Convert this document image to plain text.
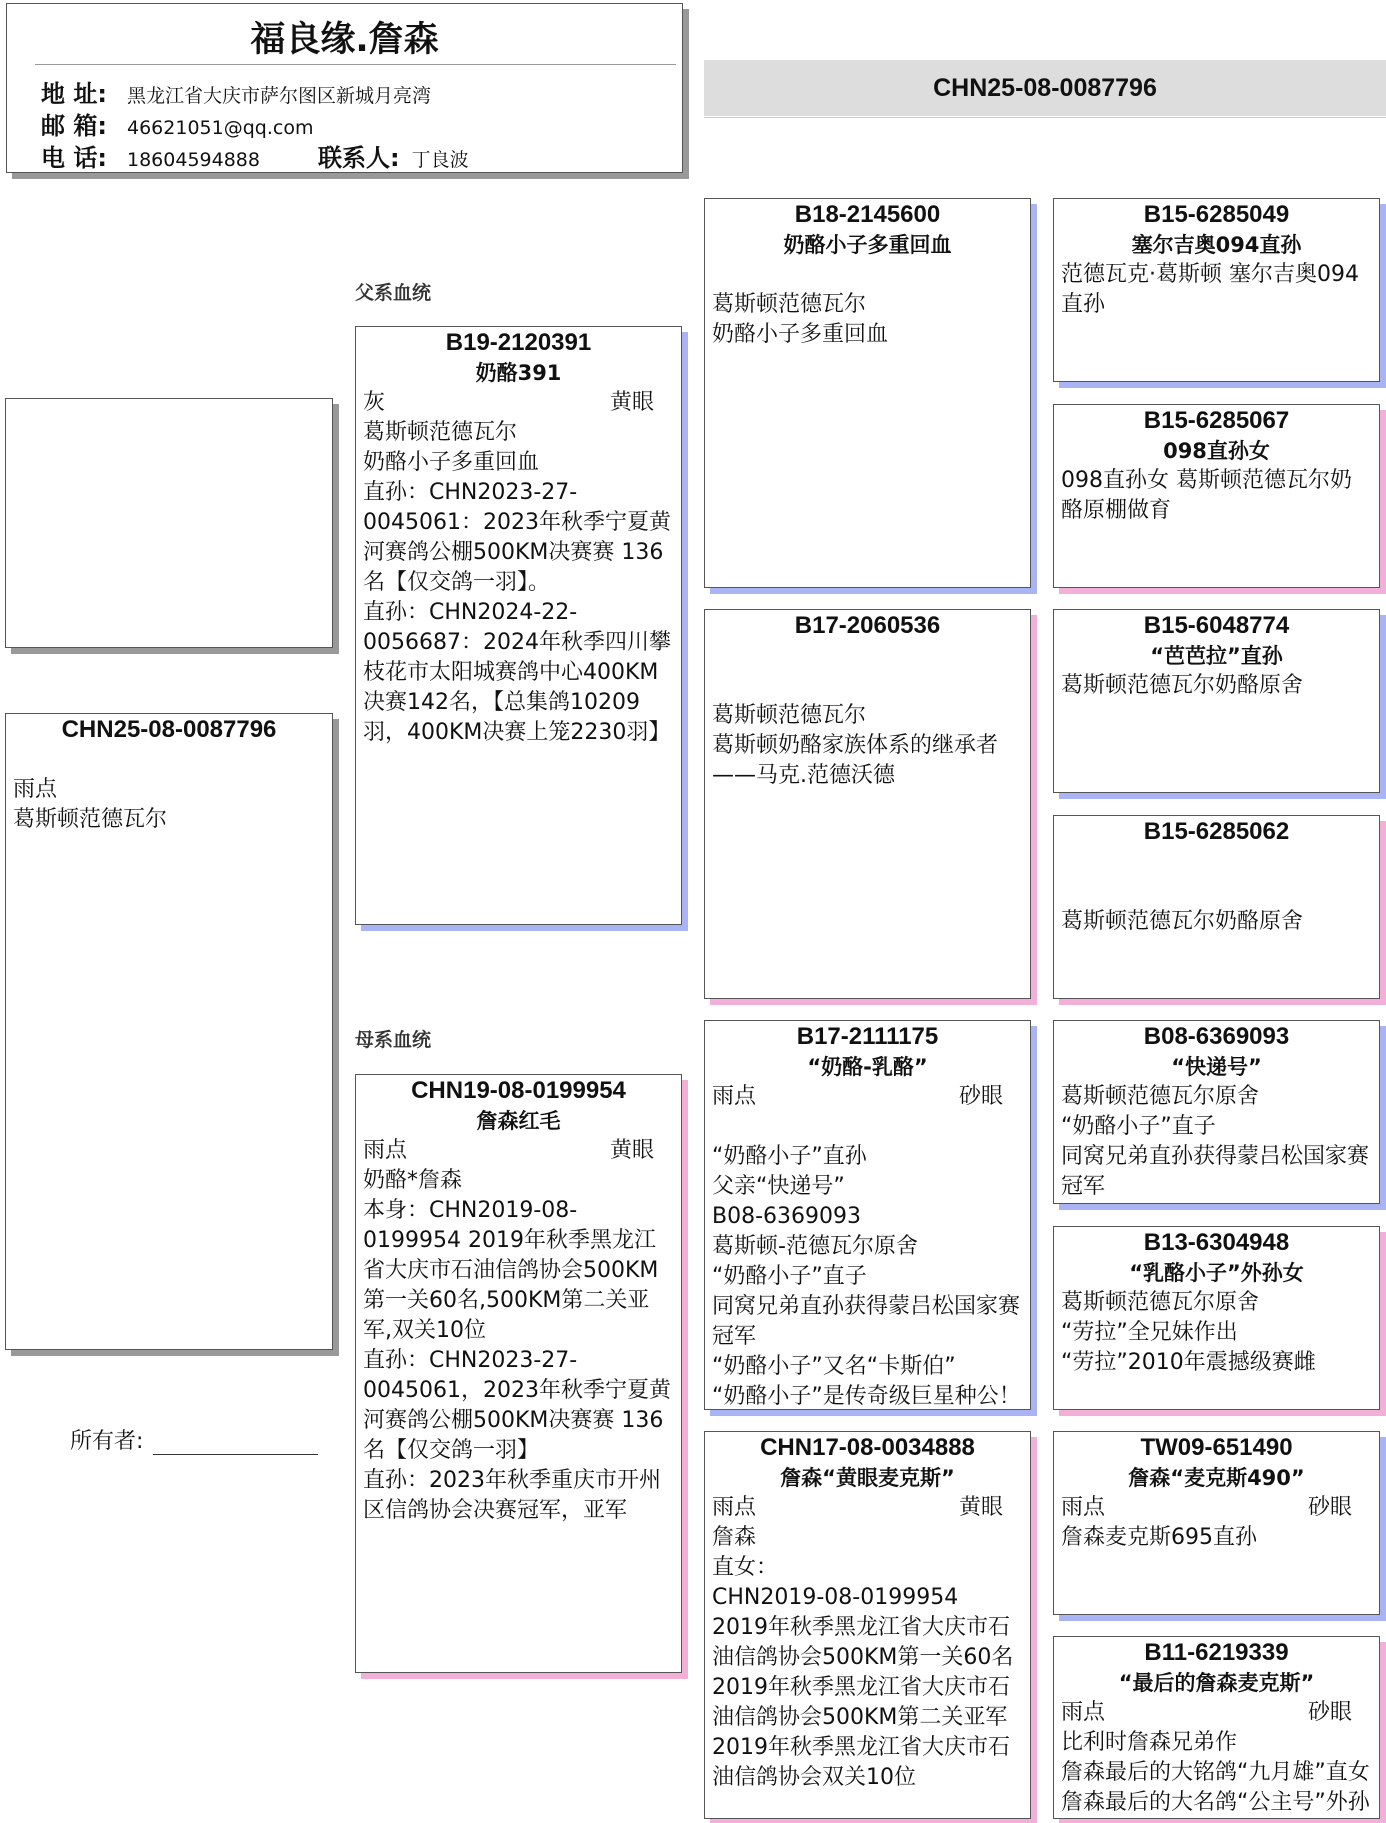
福良缘.詹森
地 址: 黑龙江省大庆市萨尔图区新城月亮湾
邮 箱: 46621051@qq.com
电 话: 18604594888 联系人: 丁良波
CHN25-08-0087796
CHN25-08-0087796
雨点
葛斯顿范德瓦尔
所有者:
父系血统
母系血统
B19-2120391
奶酪391
灰	黄眼
葛斯顿范德瓦尔
奶酪小子多重回血
直孙：CHN2023-27-0045061：2023年秋季宁夏黄河赛鸽公棚500KM决赛赛 136名【仅交鸽一羽】。
直孙：CHN2024-22-0056687：2024年秋季四川攀枝花市太阳城赛鸽中心400KM决赛142名，【总集鸽10209羽，400KM决赛上笼2230羽】
CHN19-08-0199954
詹森红毛
雨点	黄眼
奶酪*詹森
本身：CHN2019-08-0199954 2019年秋季黑龙江省大庆市石油信鸽协会500KM第一关60名,500KM第二关亚军,双关10位
直孙：CHN2023-27-0045061，2023年秋季宁夏黄河赛鸽公棚500KM决赛赛 136名【仅交鸽一羽】
直孙：2023年秋季重庆市开州区信鸽协会决赛冠军，亚军
B18-2145600
奶酪小子多重回血
葛斯顿范德瓦尔
奶酪小子多重回血
B17-2060536
葛斯顿范德瓦尔
葛斯顿奶酪家族体系的继承者——马克.范德沃德
B17-2111175
“奶酪-乳酪”
雨点	砂眼
“奶酪小子”直孙
父亲“快递号”
B08-6369093
葛斯顿-范德瓦尔原舍
“奶酪小子”直子
同窝兄弟直孙获得蒙吕松国家赛冠军
“奶酪小子”又名“卡斯伯”
“奶酪小子”是传奇级巨星种公！
CHN17-08-0034888
詹森“黄眼麦克斯”
雨点	黄眼
詹森
直女：
CHN2019-08-0199954
2019年秋季黑龙江省大庆市石油信鸽协会500KM第一关60名
2019年秋季黑龙江省大庆市石油信鸽协会500KM第二关亚军
2019年秋季黑龙江省大庆市石油信鸽协会双关10位
B15-6285049
塞尔吉奥094直孙
范德瓦克·葛斯顿 塞尔吉奥094直孙
B15-6285067
098直孙女
098直孙女 葛斯顿范德瓦尔奶酪原棚做育
B15-6048774
“芭芭拉”直孙
葛斯顿范德瓦尔奶酪原舍
B15-6285062
葛斯顿范德瓦尔奶酪原舍
B08-6369093
“快递号”
葛斯顿范德瓦尔原舍
“奶酪小子”直子
同窝兄弟直孙获得蒙吕松国家赛冠军
B13-6304948
“乳酪小子”外孙女
葛斯顿范德瓦尔原舍
“劳拉”全兄妹作出
“劳拉”2010年震撼级赛雌
TW09-651490
詹森“麦克斯490”
雨点	砂眼
詹森麦克斯695直孙
B11-6219339
“最后的詹森麦克斯”
雨点	砂眼
比利时詹森兄弟作
詹森最后的大铭鸽“九月雄”直女
詹森最后的大名鸽“公主号”外孙
